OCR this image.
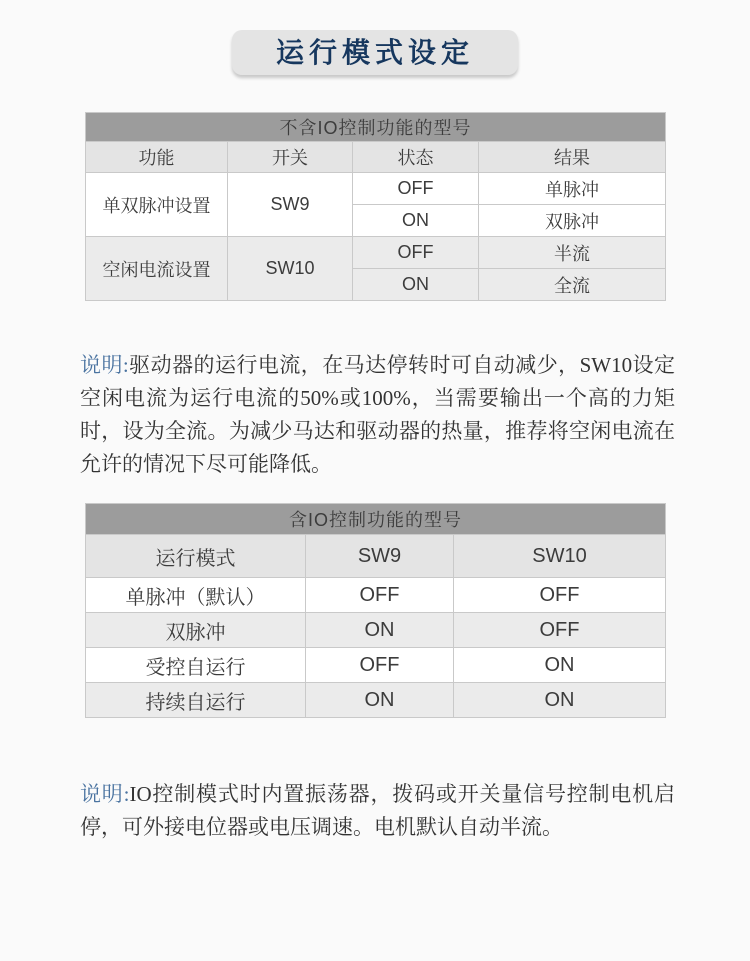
运行模式设定
不含IO控制功能的型号			
功能	开关	状态	结果
单双脉冲设置	SW9	OFF	单脉冲
		ON	双脉冲
空闲电流设置	SW10	OFF	半流
		ON	全流

说明:驱动器的运行电流，在马达停转时可自动减少，SW10设定空闲电流为运行电流的50%或100%，当需要输出一个高的力矩时，设为全流。为减少马达和驱动器的热量，推荐将空闲电流在允许的情况下尽可能降低。

含IO控制功能的型号		
运行模式	SW9	SW10
单脉冲（默认）	OFF	OFF
双脉冲	ON	OFF
受控自运行	OFF	ON
持续自运行	ON	ON

说明:IO控制模式时内置振荡器，拨码或开关量信号控制电机启停，可外接电位器或电压调速。电机默认自动半流。
